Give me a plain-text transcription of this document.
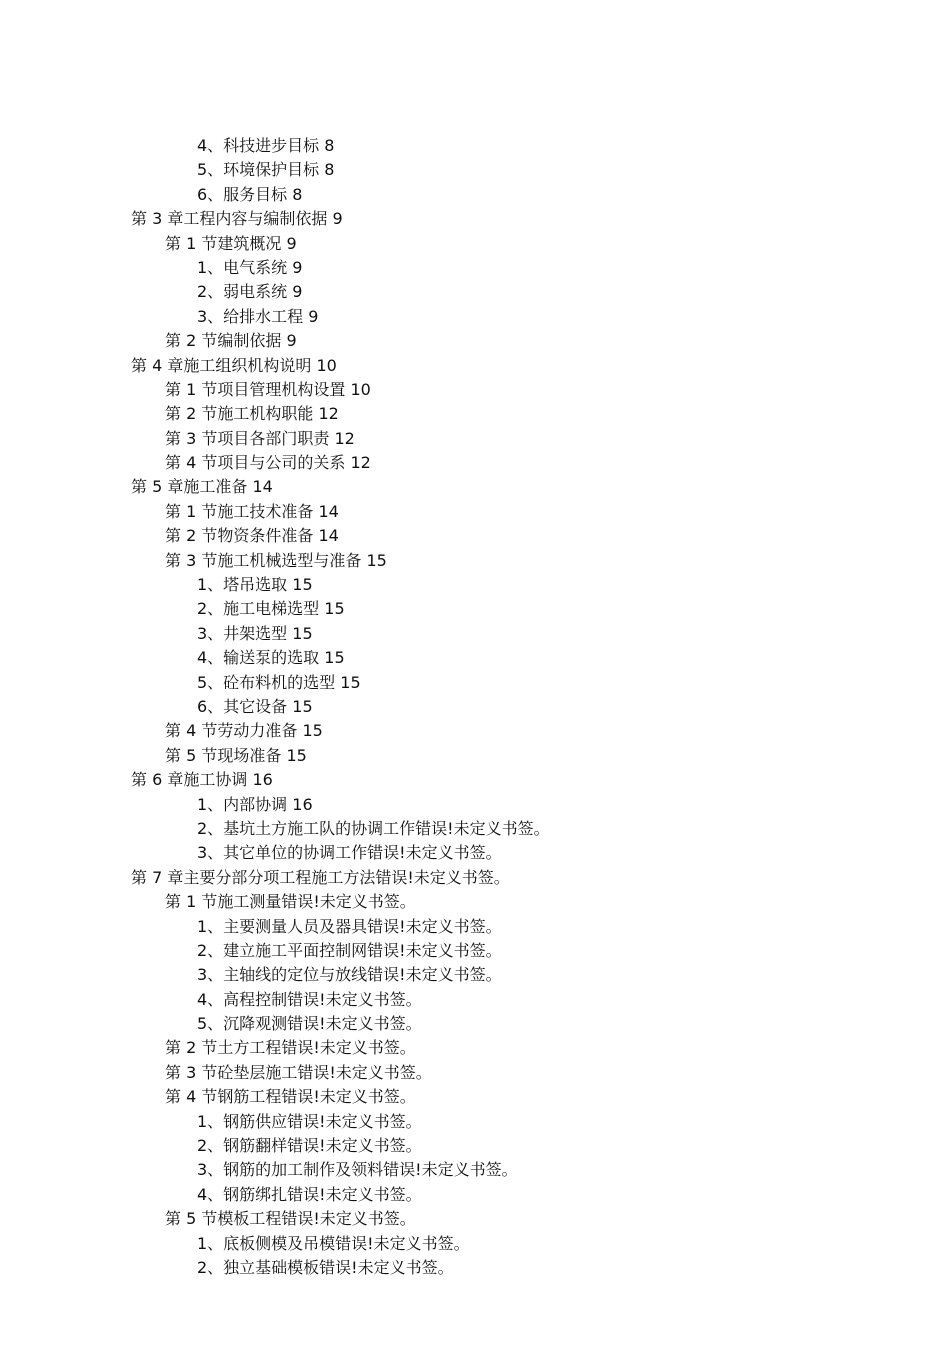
4、科技进步目标 8
5、环境保护目标 8
6、服务目标 8
第 3 章工程内容与编制依据 9
第 1 节建筑概况 9
1、电气系统 9
2、弱电系统 9
3、给排水工程 9
第 2 节编制依据 9
第 4 章施工组织机构说明 10
第 1 节项目管理机构设置 10
第 2 节施工机构职能 12
第 3 节项目各部门职责 12
第 4 节项目与公司的关系 12
第 5 章施工准备 14
第 1 节施工技术准备 14
第 2 节物资条件准备 14
第 3 节施工机械选型与准备 15
1、塔吊选取 15
2、施工电梯选型 15
3、井架选型 15
4、输送泵的选取 15
5、砼布料机的选型 15
6、其它设备 15
第 4 节劳动力准备 15
第 5 节现场准备 15
第 6 章施工协调 16
1、内部协调 16
2、基坑土方施工队的协调工作错误!未定义书签。
3、其它单位的协调工作错误!未定义书签。
第 7 章主要分部分项工程施工方法错误!未定义书签。
第 1 节施工测量错误!未定义书签。
1、主要测量人员及器具错误!未定义书签。
2、建立施工平面控制网错误!未定义书签。
3、主轴线的定位与放线错误!未定义书签。
4、高程控制错误!未定义书签。
5、沉降观测错误!未定义书签。
第 2 节土方工程错误!未定义书签。
第 3 节砼垫层施工错误!未定义书签。
第 4 节钢筋工程错误!未定义书签。
1、钢筋供应错误!未定义书签。
2、钢筋翻样错误!未定义书签。
3、钢筋的加工制作及领料错误!未定义书签。
4、钢筋绑扎错误!未定义书签。
第 5 节模板工程错误!未定义书签。
1、底板侧模及吊模错误!未定义书签。
2、独立基础模板错误!未定义书签。
